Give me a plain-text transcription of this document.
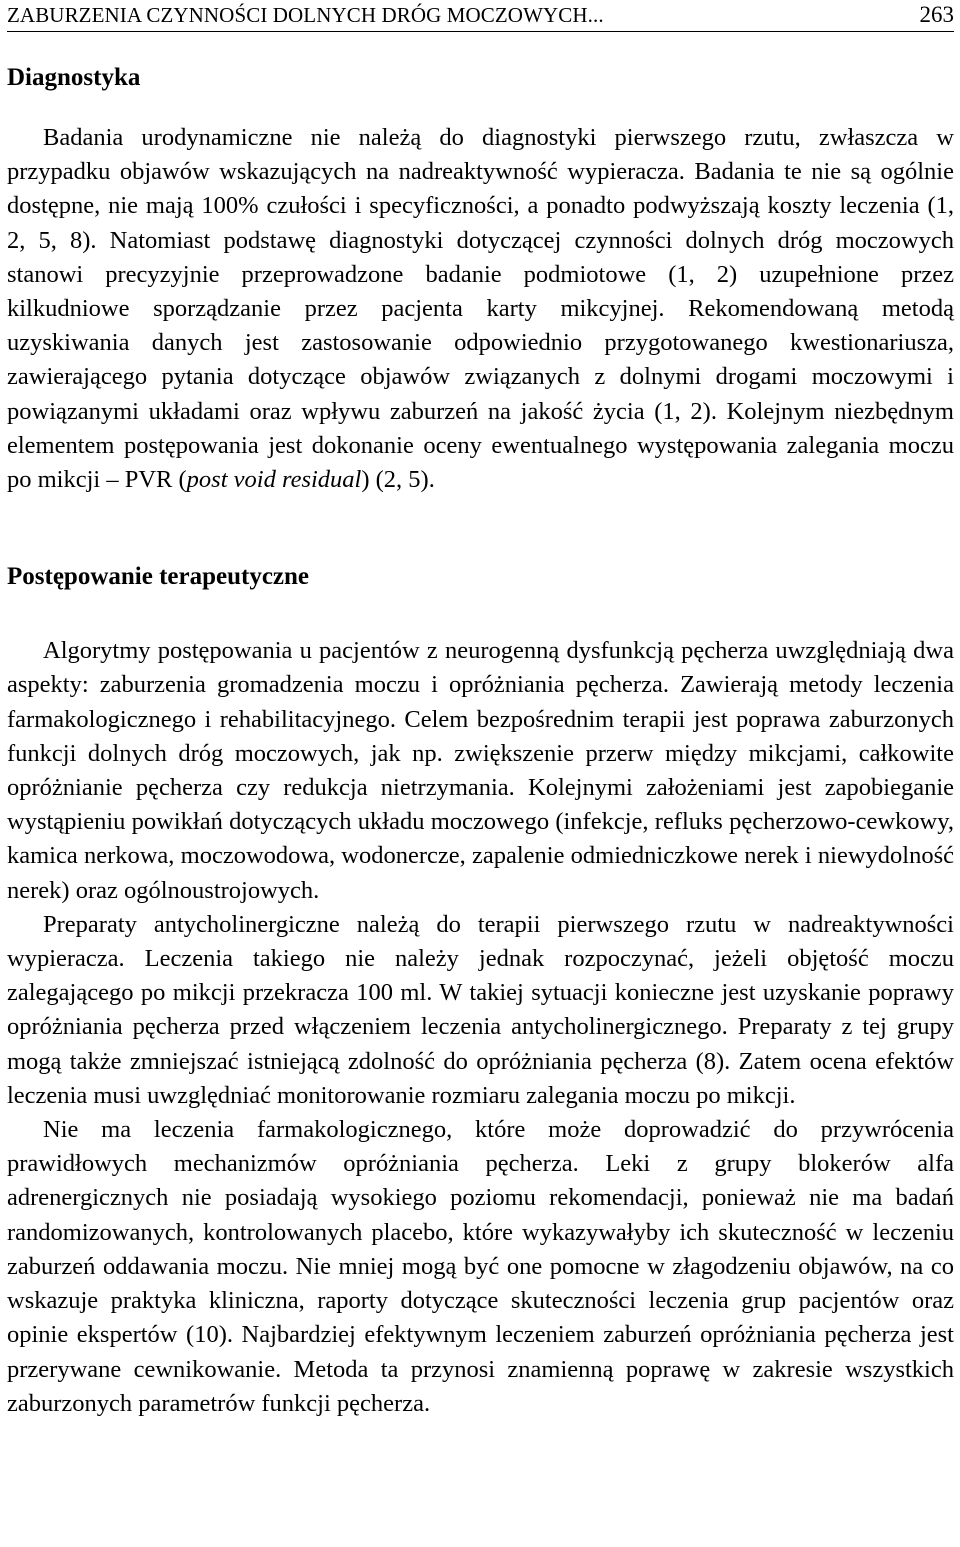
ZABURZENIA CZYNNOŚCI DOLNYCH DRÓG MOCZOWYCH...	263
Diagnostyka

Badania urodynamiczne nie należą do diagnostyki pierwszego rzutu, zwłaszcza w przypadku objawów wskazujących na nadreaktywność wypieracza. Badania te nie są ogólnie dostępne, nie mają 100% czułości i specyficzności, a ponadto podwyższają koszty leczenia (1, 2, 5, 8). Natomiast podstawę diagnostyki dotyczącej czynności dolnych dróg moczowych stanowi precyzyjnie przeprowadzone badanie podmiotowe (1, 2) uzupełnione przez kilkudniowe sporządzanie przez pacjenta karty mikcyjnej. Rekomendowaną metodą uzyskiwania danych jest zastosowanie odpowiednio przygotowanego kwestionariusza, zawierającego pytania dotyczące objawów związanych z dolnymi drogami moczowymi i powiązanymi układami oraz wpływu zaburzeń na jakość życia (1, 2). Kolejnym niezbędnym elementem postępowania jest dokonanie oceny ewentualnego występowania zalegania moczu po mikcji – PVR (post void residual) (2, 5).

Postępowanie terapeutyczne

Algorytmy postępowania u pacjentów z neurogenną dysfunkcją pęcherza uwzględniają dwa aspekty: zaburzenia gromadzenia moczu i opróżniania pęcherza. Zawierają metody leczenia farmakologicznego i rehabilitacyjnego. Celem bezpośrednim terapii jest poprawa zaburzonych funkcji dolnych dróg moczowych, jak np. zwiększenie przerw między mikcjami, całkowite opróżnianie pęcherza czy redukcja nietrzymania. Kolejnymi założeniami jest zapobieganie wystąpieniu powikłań dotyczących układu moczowego (infekcje, refluks pęcherzowo-cewkowy, kamica nerkowa, moczowodowa, wodonercze, zapalenie odmiedniczkowe nerek i niewydolność nerek) oraz ogólnoustrojowych.

Preparaty antycholinergiczne należą do terapii pierwszego rzutu w nadreaktywności wypieracza. Leczenia takiego nie należy jednak rozpoczynać, jeżeli objętość moczu zalegającego po mikcji przekracza 100 ml. W takiej sytuacji konieczne jest uzyskanie poprawy opróżniania pęcherza przed włączeniem leczenia antycholinergicznego. Preparaty z tej grupy mogą także zmniejszać istniejącą zdolność do opróżniania pęcherza (8). Zatem ocena efektów leczenia musi uwzględniać monitorowanie rozmiaru zalegania moczu po mikcji.

Nie ma leczenia farmakologicznego, które może doprowadzić do przywrócenia prawidłowych mechanizmów opróżniania pęcherza. Leki z grupy blokerów alfa adrenergicznych nie posiadają wysokiego poziomu rekomendacji, ponieważ nie ma badań randomizowanych, kontrolowanych placebo, które wykazywałyby ich skuteczność w leczeniu zaburzeń oddawania moczu. Nie mniej mogą być one pomocne w złagodzeniu objawów, na co wskazuje praktyka kliniczna, raporty dotyczące skuteczności leczenia grup pacjentów oraz opinie ekspertów (10). Najbardziej efektywnym leczeniem zaburzeń opróżniania pęcherza jest przerywane cewnikowanie. Metoda ta przynosi znamienną poprawę w zakresie wszystkich zaburzonych parametrów funkcji pęcherza.
